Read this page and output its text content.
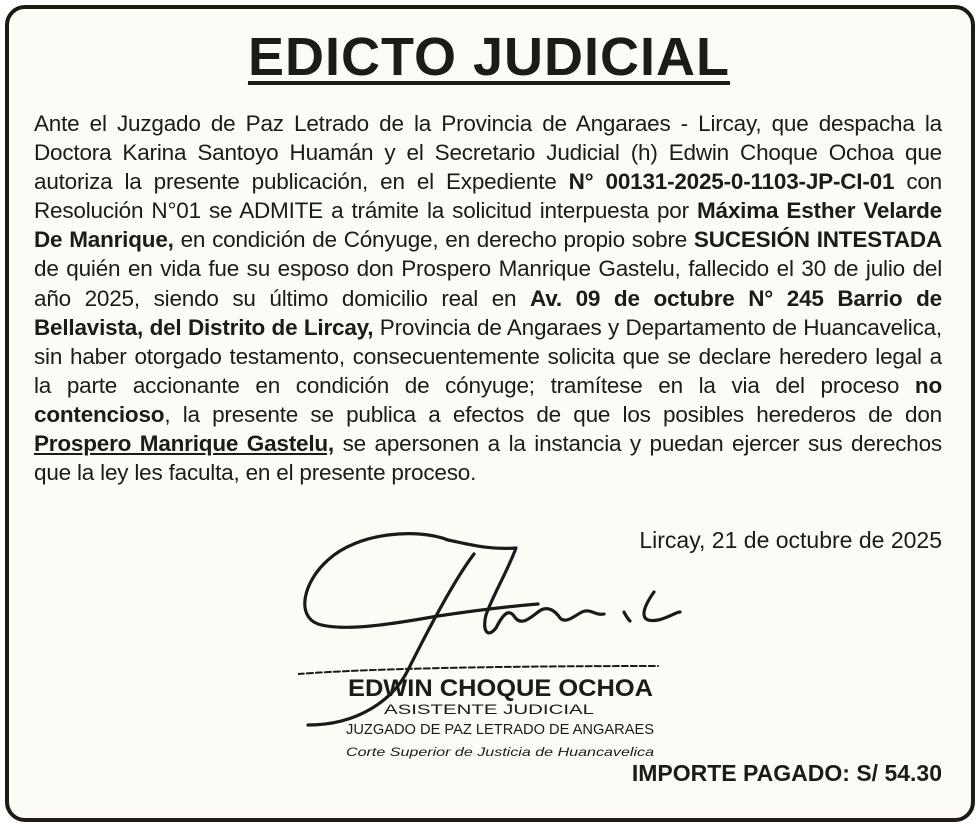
EDICTO JUDICIAL

Ante el Juzgado de Paz Letrado de la Provincia de Angaraes - Lircay, que despacha la Doctora Karina Santoyo Huamán y el Secretario Judicial (h) Edwin Choque Ochoa que autoriza la presente publicación, en el Expediente N° 00131-2025-0-1103-JP-CI-01 con Resolución N°01 se ADMITE a trámite la solicitud interpuesta por Máxima Esther Velarde De Manrique, en condición de Cónyuge, en derecho propio sobre SUCESIÓN INTESTADA de quién en vida fue su esposo don Prospero Manrique Gastelu, fallecido el 30 de julio del año 2025, siendo su último domicilio real en Av. 09 de octubre N° 245 Barrio de Bellavista, del Distrito de Lircay, Provincia de Angaraes y Departamento de Huancavelica, sin haber otorgado testamento, consecuentemente solicita que se declare heredero legal a la parte accionante en condición de cónyuge; tramítese en la via del proceso no contencioso, la presente se publica a efectos de que los posibles herederos de don Prospero Manrique Gastelu, se apersonen a la instancia y puedan ejercer sus derechos que la ley les faculta, en el presente proceso.

Lircay, 21 de octubre de 2025
EDWIN CHOQUE OCHOA
ASISTENTE JUDICIAL
JUZGADO DE PAZ LETRADO DE ANGARAES
Corte Superior de Justicia de Huancavelica
IMPORTE PAGADO: S/ 54.30
